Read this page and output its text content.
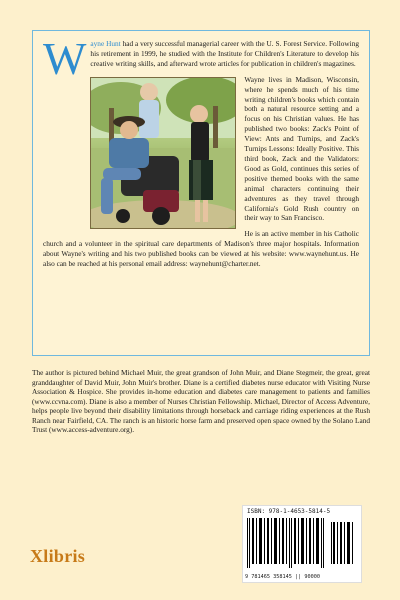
Wayne Hunt had a very successful managerial career with the U. S. Forest Service. Following his retirement in 1999, he studied with the Institute for Children's Literature to develop his creative writing skills, and afterward wrote articles for publication in children's magazines.

Wayne lives in Madison, Wisconsin, where he spends much of his time writing children's books which contain both a natural resource setting and a focus on his Christian values. He has published two books: Zack's Point of View: Ants and Turnips, and Zack's Turnips Lessons: Ideally Positive. This third book, Zack and the Validators: Good as Gold, continues this series of positive themed books with the same animal characters continuing their adventures as they travel through California's Gold Rush country on their way to San Francisco.

He is an active member in his Catholic church and a volunteer in the spiritual care departments of Madison's three major hospitals. Information about Wayne's writing and his two published books can be viewed at his website: www.waynehunt.us. He also can be reached at his personal email address: waynehunt@charter.net.

The author is pictured behind Michael Muir, the great grandson of John Muir, and Diane Stegmeir, the great, great granddaughter of David Muir, John Muir's brother. Diane is a certified diabetes nurse educator with Visiting Nurse Association & Hospice. She provides in-home education and diabetes care management to patients and families (www.ccvna.com). Diane is also a member of Nurses Christian Fellowship. Michael, Director of Access Adventure, helps people live beyond their disability limitations through horseback and carriage riding experiences at the Rush Ranch near Fairfield, CA. The ranch is an historic horse farm and preserved open space owned by the Solano Land Trust (www.access-adventure.org).

ISBN: 978-1-4653-5814-5
9 781465 358145 || 90000
Xlibris
